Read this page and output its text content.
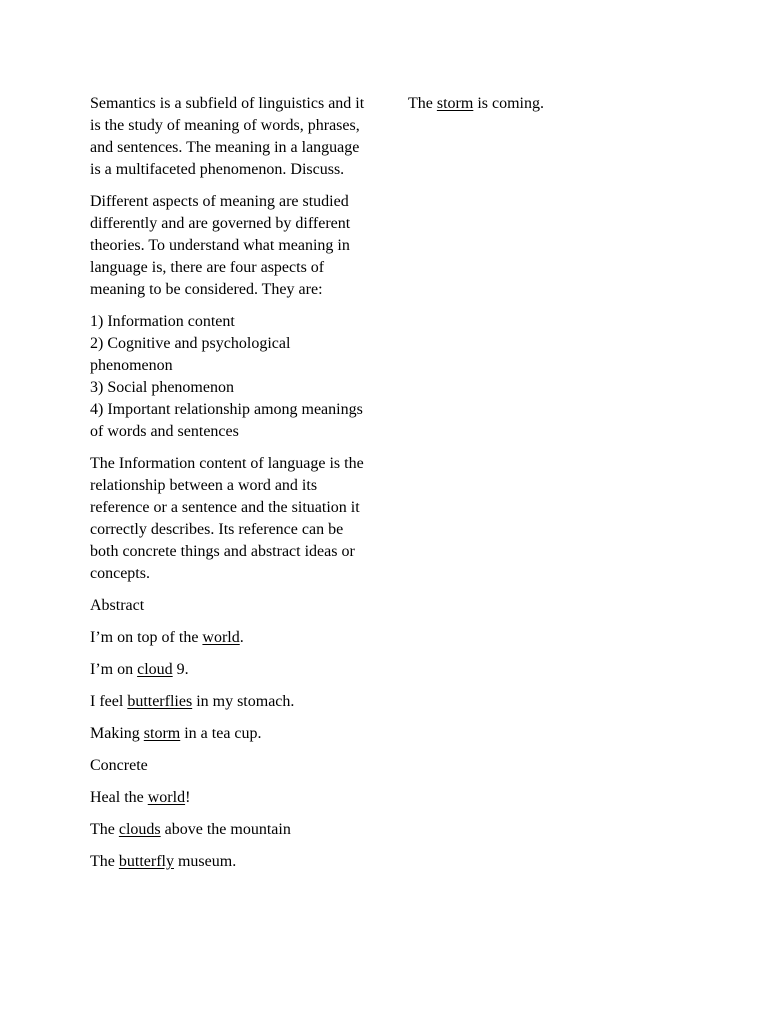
Semantics is a subfield of linguistics and it is the study of meaning of words, phrases, and sentences. The meaning in a language is a multifaceted phenomenon. Discuss.

Different aspects of meaning are studied differently and are governed by different theories. To understand what meaning in language is, there are four aspects of meaning to be considered. They are:

1) Information content
2) Cognitive and psychological phenomenon
3) Social phenomenon
4) Important relationship among meanings of words and sentences

The Information content of language is the relationship between a word and its reference or a sentence and the situation it correctly describes. Its reference can be both concrete things and abstract ideas or concepts.

Abstract

I’m on top of the world.

I’m on cloud 9.

I feel butterflies in my stomach.

Making storm in a tea cup.

Concrete

Heal the world!

The clouds above the mountain

The butterfly museum.

The storm is coming.
